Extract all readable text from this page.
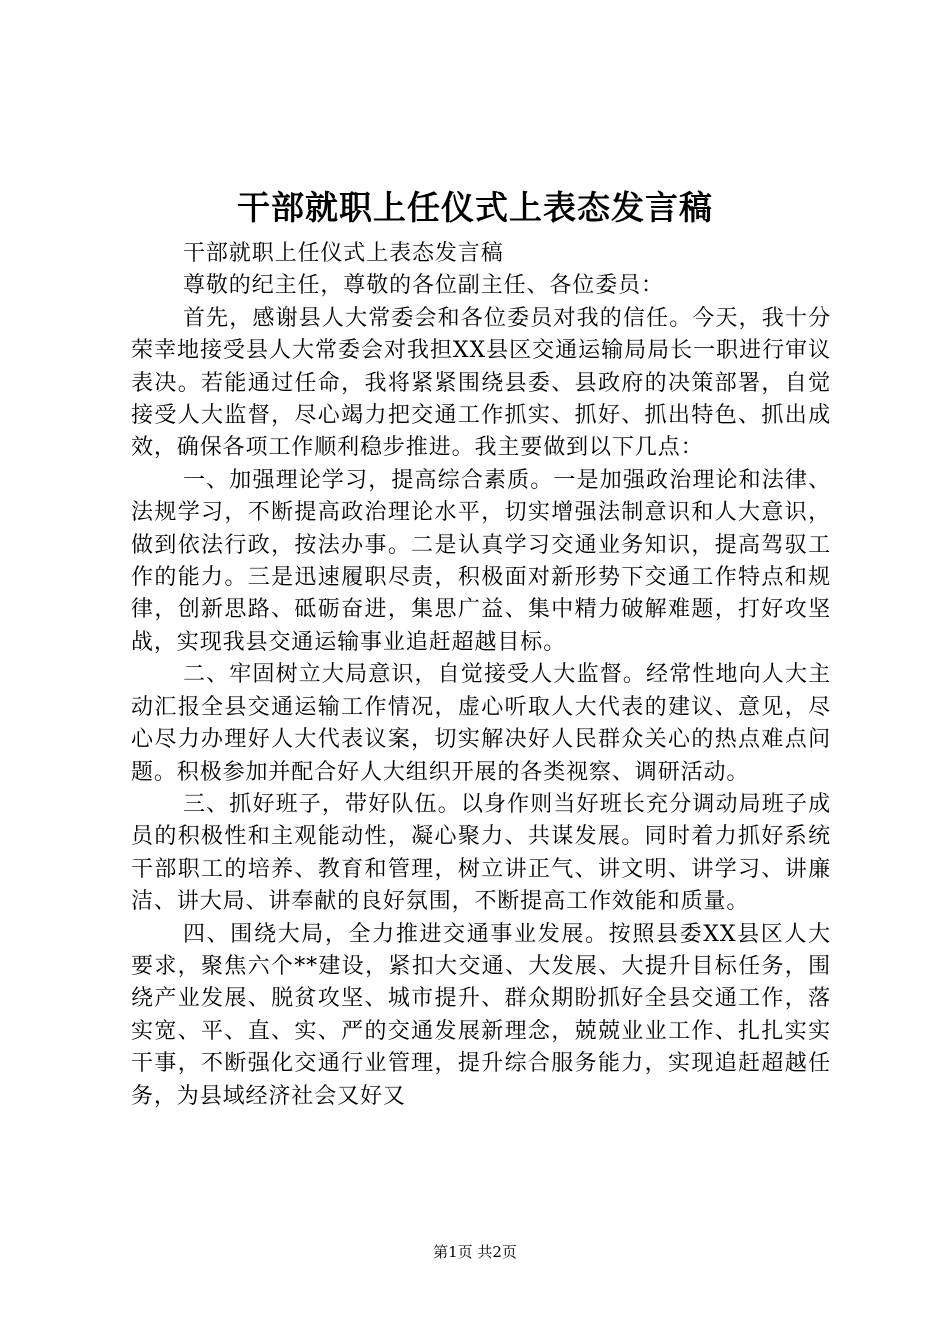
干部就职上任仪式上表态发言稿

干部就职上任仪式上表态发言稿

尊敬的纪主任，尊敬的各位副主任、各位委员：

首先，感谢县人大常委会和各位委员对我的信任。今天，我十分荣幸地接受县人大常委会对我担XX县区交通运输局局长一职进行审议表决。若能通过任命，我将紧紧围绕县委、县政府的决策部署，自觉接受人大监督，尽心竭力把交通工作抓实、抓好、抓出特色、抓出成效，确保各项工作顺利稳步推进。我主要做到以下几点：

一、加强理论学习，提高综合素质。一是加强政治理论和法律、法规学习，不断提高政治理论水平，切实增强法制意识和人大意识，做到依法行政，按法办事。二是认真学习交通业务知识，提高驾驭工作的能力。三是迅速履职尽责，积极面对新形势下交通工作特点和规律，创新思路、砥砺奋进，集思广益、集中精力破解难题，打好攻坚战，实现我县交通运输事业追赶超越目标。

二、牢固树立大局意识，自觉接受人大监督。经常性地向人大主动汇报全县交通运输工作情况，虚心听取人大代表的建议、意见，尽心尽力办理好人大代表议案，切实解决好人民群众关心的热点难点问题。积极参加并配合好人大组织开展的各类视察、调研活动。

三、抓好班子，带好队伍。以身作则当好班长充分调动局班子成员的积极性和主观能动性，凝心聚力、共谋发展。同时着力抓好系统干部职工的培养、教育和管理，树立讲正气、讲文明、讲学习、讲廉洁、讲大局、讲奉献的良好氛围，不断提高工作效能和质量。

四、围绕大局，全力推进交通事业发展。按照县委XX县区人大要求，聚焦六个**建设，紧扣大交通、大发展、大提升目标任务，围绕产业发展、脱贫攻坚、城市提升、群众期盼抓好全县交通工作，落实宽、平、直、实、严的交通发展新理念，兢兢业业工作、扎扎实实干事，不断强化交通行业管理，提升综合服务能力，实现追赶超越任务，为县域经济社会又好又

第1页 共2页
